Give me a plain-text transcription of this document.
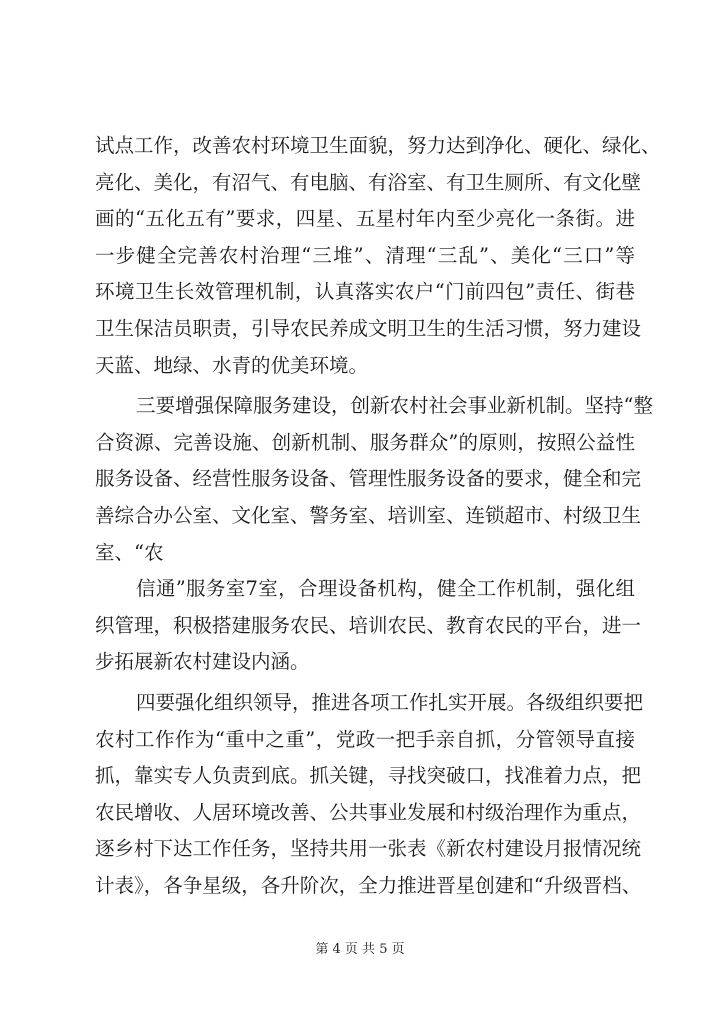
试点工作，改善农村环境卫生面貌，努力达到净化、硬化、绿化、
亮化、美化，有沼气、有电脑、有浴室、有卫生厕所、有文化壁
画的“五化五有”要求，四星、五星村年内至少亮化一条街。进
一步健全完善农村治理“三堆”、清理“三乱”、美化“三口”等
环境卫生长效管理机制，认真落实农户“门前四包”责任、街巷
卫生保洁员职责，引导农民养成文明卫生的生活习惯，努力建设
天蓝、地绿、水青的优美环境。
三要增强保障服务建设，创新农村社会事业新机制。坚持“整
合资源、完善设施、创新机制、服务群众”的原则，按照公益性
服务设备、经营性服务设备、管理性服务设备的要求，健全和完
善综合办公室、文化室、警务室、培训室、连锁超市、村级卫生
室、“农
信通”服务室7室，合理设备机构，健全工作机制，强化组
织管理，积极搭建服务农民、培训农民、教育农民的平台，进一
步拓展新农村建设内涵。
四要强化组织领导，推进各项工作扎实开展。各级组织要把
农村工作作为“重中之重”，党政一把手亲自抓，分管领导直接
抓，靠实专人负责到底。抓关键，寻找突破口，找准着力点，把
农民增收、人居环境改善、公共事业发展和村级治理作为重点，
逐乡村下达工作任务，坚持共用一张表《新农村建设月报情况统
计表》，各争星级，各升阶次，全力推进晋星创建和“升级晋档、
第 4 页 共 5 页
